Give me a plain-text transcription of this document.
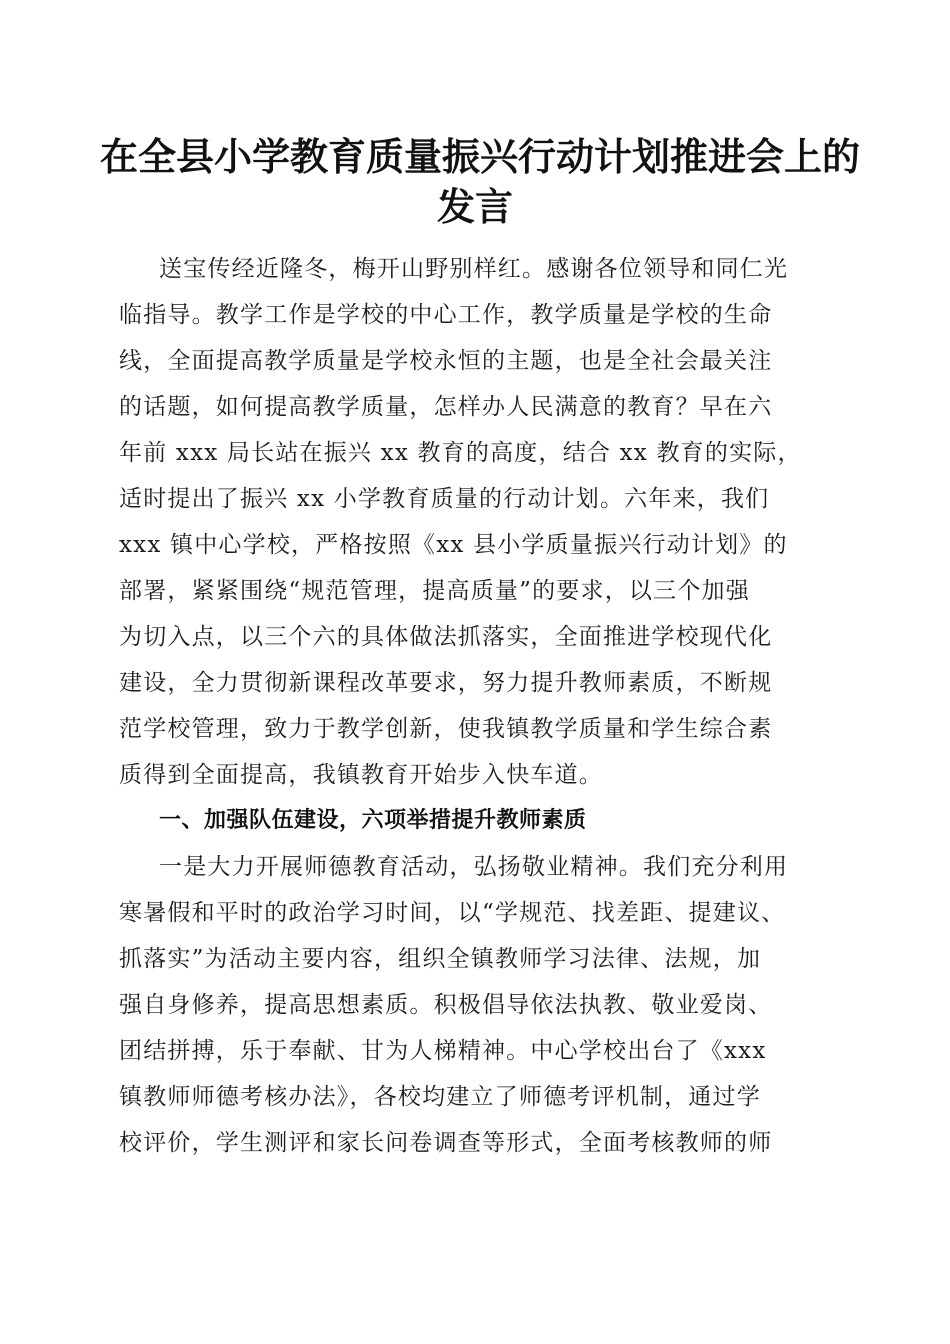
在全县小学教育质量振兴行动计划推进会上的
发言
送宝传经近隆冬，梅开山野别样红。感谢各位领导和同仁光
临指导。教学工作是学校的中心工作，教学质量是学校的生命
线，全面提高教学质量是学校永恒的主题，也是全社会最关注
的话题，如何提高教学质量，怎样办人民满意的教育？早在六
年前 xxx 局长站在振兴 xx 教育的高度，结合 xx 教育的实际，
适时提出了振兴 xx 小学教育质量的行动计划。六年来，我们
xxx 镇中心学校，严格按照《xx 县小学质量振兴行动计划》的
部署，紧紧围绕“规范管理，提高质量”的要求，以三个加强
为切入点，以三个六的具体做法抓落实，全面推进学校现代化
建设，全力贯彻新课程改革要求，努力提升教师素质，不断规
范学校管理，致力于教学创新，使我镇教学质量和学生综合素
质得到全面提高，我镇教育开始步入快车道。
一、加强队伍建设，六项举措提升教师素质
一是大力开展师德教育活动，弘扬敬业精神。我们充分利用
寒暑假和平时的政治学习时间，以“学规范、找差距、提建议、
抓落实”为活动主要内容，组织全镇教师学习法律、法规，加
强自身修养，提高思想素质。积极倡导依法执教、敬业爱岗、
团结拼搏，乐于奉献、甘为人梯精神。中心学校出台了《xxx
镇教师师德考核办法》，各校均建立了师德考评机制，通过学
校评价，学生测评和家长问卷调查等形式，全面考核教师的师
